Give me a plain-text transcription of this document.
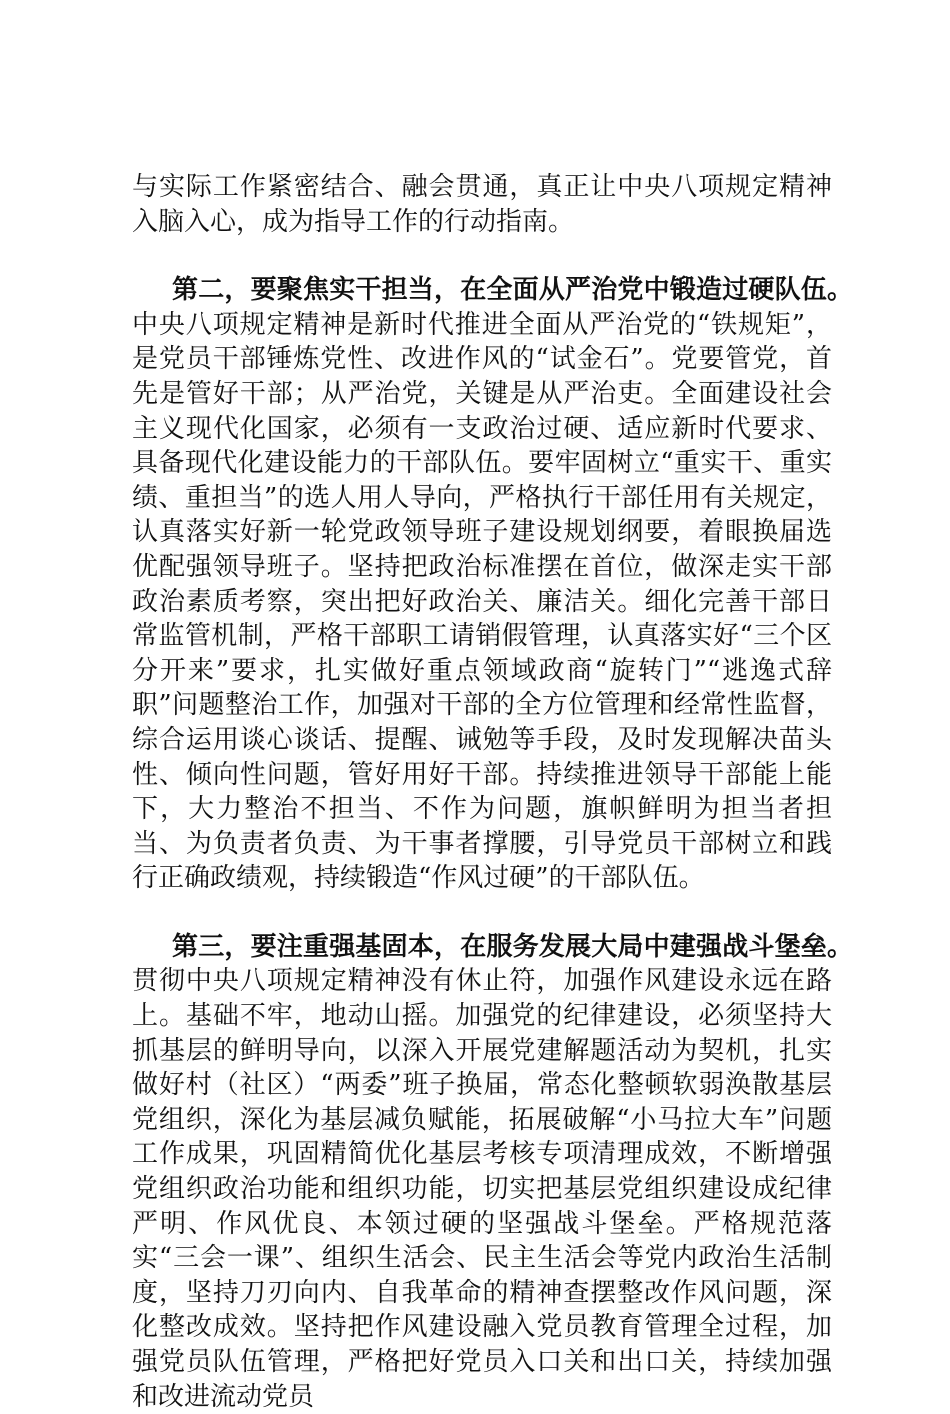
与实际工作紧密结合、融会贯通，真正让中央八项规定精神入脑入心，成为指导工作的行动指南。

第二，要聚焦实干担当，在全面从严治党中锻造过硬队伍。
中央八项规定精神是新时代推进全面从严治党的“铁规矩”，是党员干部锤炼党性、改进作风的“试金石”。党要管党，首先是管好干部；从严治党，关键是从严治吏。全面建设社会主义现代化国家，必须有一支政治过硬、适应新时代要求、具备现代化建设能力的干部队伍。要牢固树立“重实干、重实绩、重担当”的选人用人导向，严格执行干部任用有关规定，认真落实好新一轮党政领导班子建设规划纲要，着眼换届选优配强领导班子。坚持把政治标准摆在首位，做深走实干部政治素质考察，突出把好政治关、廉洁关。细化完善干部日常监管机制，严格干部职工请销假管理，认真落实好“三个区分开来”要求，扎实做好重点领域政商“旋转门”“逃逸式辞职”问题整治工作，加强对干部的全方位管理和经常性监督，综合运用谈心谈话、提醒、诫勉等手段，及时发现解决苗头性、倾向性问题，管好用好干部。持续推进领导干部能上能下，大力整治不担当、不作为问题，旗帜鲜明为担当者担当、为负责者负责、为干事者撑腰，引导党员干部树立和践行正确政绩观，持续锻造“作风过硬”的干部队伍。

第三，要注重强基固本，在服务发展大局中建强战斗堡垒。
贯彻中央八项规定精神没有休止符，加强作风建设永远在路上。基础不牢，地动山摇。加强党的纪律建设，必须坚持大抓基层的鲜明导向，以深入开展党建解题活动为契机，扎实做好村（社区）“两委”班子换届，常态化整顿软弱涣散基层党组织，深化为基层减负赋能，拓展破解“小马拉大车”问题工作成果，巩固精简优化基层考核专项清理成效，不断增强党组织政治功能和组织功能，切实把基层党组织建设成纪律严明、作风优良、本领过硬的坚强战斗堡垒。严格规范落实“三会一课”、组织生活会、民主生活会等党内政治生活制度，坚持刀刃向内、自我革命的精神查摆整改作风问题，深化整改成效。坚持把作风建设融入党员教育管理全过程，加强党员队伍管理，严格把好党员入口关和出口关，持续加强和改进流动党员
